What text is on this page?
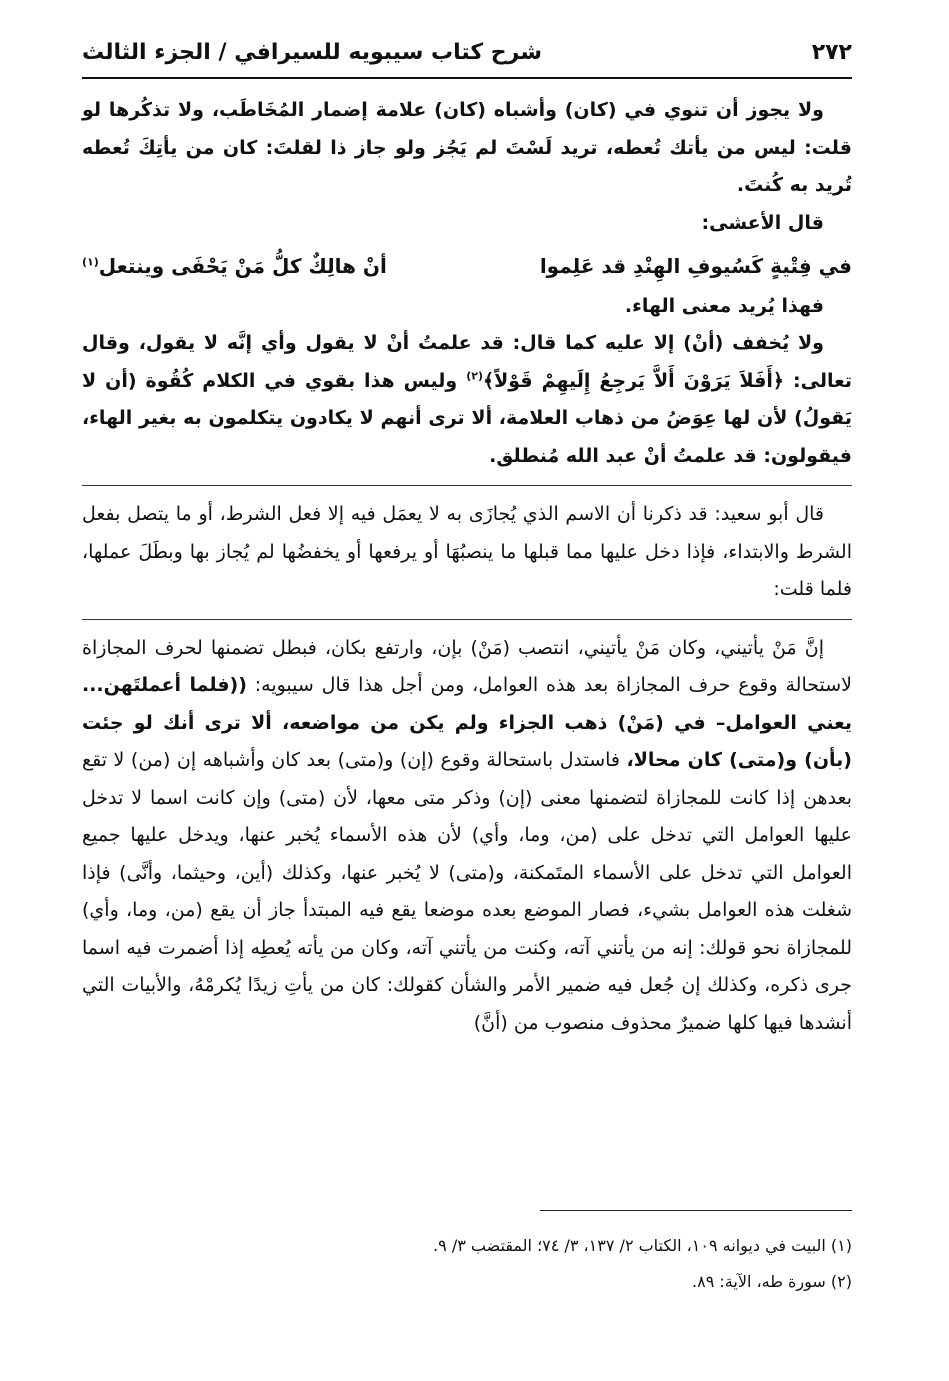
٢٧٢
شرح كتاب سيبويه للسيرافي / الجزء الثالث

ولا يجوز أن تنوي في (كان) وأشباه (كان) علامة إضمار المُخَاطَب، ولا تذكُرها لو قلت: ليس من يأتك تُعطه، تريد لَسْتَ لم يَجُز ولو جاز ذا لقلتَ: كان من يأتِكَ تُعطه تُريد به كُنتَ.

قال الأعشى:

في فِتْيةٍ كَسُيوفِ الهِنْدِ قد عَلِموا
أنْ هالِكٌ كلُّ مَنْ يَحْفَى وينتعل$^{(١)}$

فهذا يُريد معنى الهاء.

ولا يُخفف (أنْ) إلا عليه كما قال: قد علمتُ أنْ لا يقول وأي إنَّه لا يقول، وقال تعالى: ﴿أَفَلاَ يَرَوْنَ أَلاَّ يَرجِعُ إِلَيهِمْ قَوْلاً﴾$^{(٢)}$ وليس هذا بقوي في الكلام كُقُوة (أن لا يَقولُ) لأن لها عِوَضُ من ذهاب العلامة، ألا ترى أنهم لا يكادون يتكلمون به بغير الهاء، فيقولون: قد علمتُ أنْ عبد الله مُنطلق.

قال أبو سعيد: قد ذكرنا أن الاسم الذي يُجازَى به لا يعمَل فيه إلا فعل الشرط، أو ما يتصل بفعل الشرط والابتداء، فإذا دخل عليها مما قبلها ما ينصبُهَا أو يرفعها أو يخفضُها لم يُجاز بها وبطَلَ عملها، فلما قلت:

إنَّ مَنْ يأتيني، وكان مَنْ يأتيني، انتصب (مَنْ) بإن، وارتفع بكان، فبطل تضمنها لحرف المجازاة لاستحالة وقوع حرف المجازاة بعد هذه العوامل، ومن أجل هذا قال سيبويه: ((فلما أعملتَهن... يعني العوامل– في (مَنْ) ذهب الجزاء ولم يكن من مواضعه، ألا ترى أنك لو جئت (بأن) و(متى) كان محالا، فاستدل باستحالة وقوع (إن) و(متى) بعد كان وأشباهه إن (من) لا تقع بعدهن إذا كانت للمجازاة لتضمنها معنى (إن) وذكر متى معها، لأن (متى) وإن كانت اسما لا تدخل عليها العوامل التي تدخل على (من، وما، وأي) لأن هذه الأسماء يُخبر عنها، ويدخل عليها جميع العوامل التي تدخل على الأسماء المتَمكنة، و(متى) لا يُخبر عنها، وكذلك (أين، وحيثما، وأنَّى) فإذا شغلت هذه العوامل بشيء، فصار الموضع بعده موضعا يقع فيه المبتدأ جاز أن يقع (من، وما، وأي) للمجازاة نحو قولك: إنه من يأتني آته، وكنت من يأتني آته، وكان من يأته يُعطِه إذا أضمرت فيه اسما جرى ذكره، وكذلك إن جُعل فيه ضمير الأمر والشأن كقولك: كان من يأتِ زيدًا يُكرمْهُ، والأبيات التي أنشدها فيها كلها ضميرٌ محذوف منصوب من (أنَّ)

(١) البيت في ديوانه ١٠٩، الكتاب ٢/ ١٣٧، ٣/ ٧٤؛ المقتضب ٣/ ٩.

(٢) سورة طه، الآية: ٨٩.
